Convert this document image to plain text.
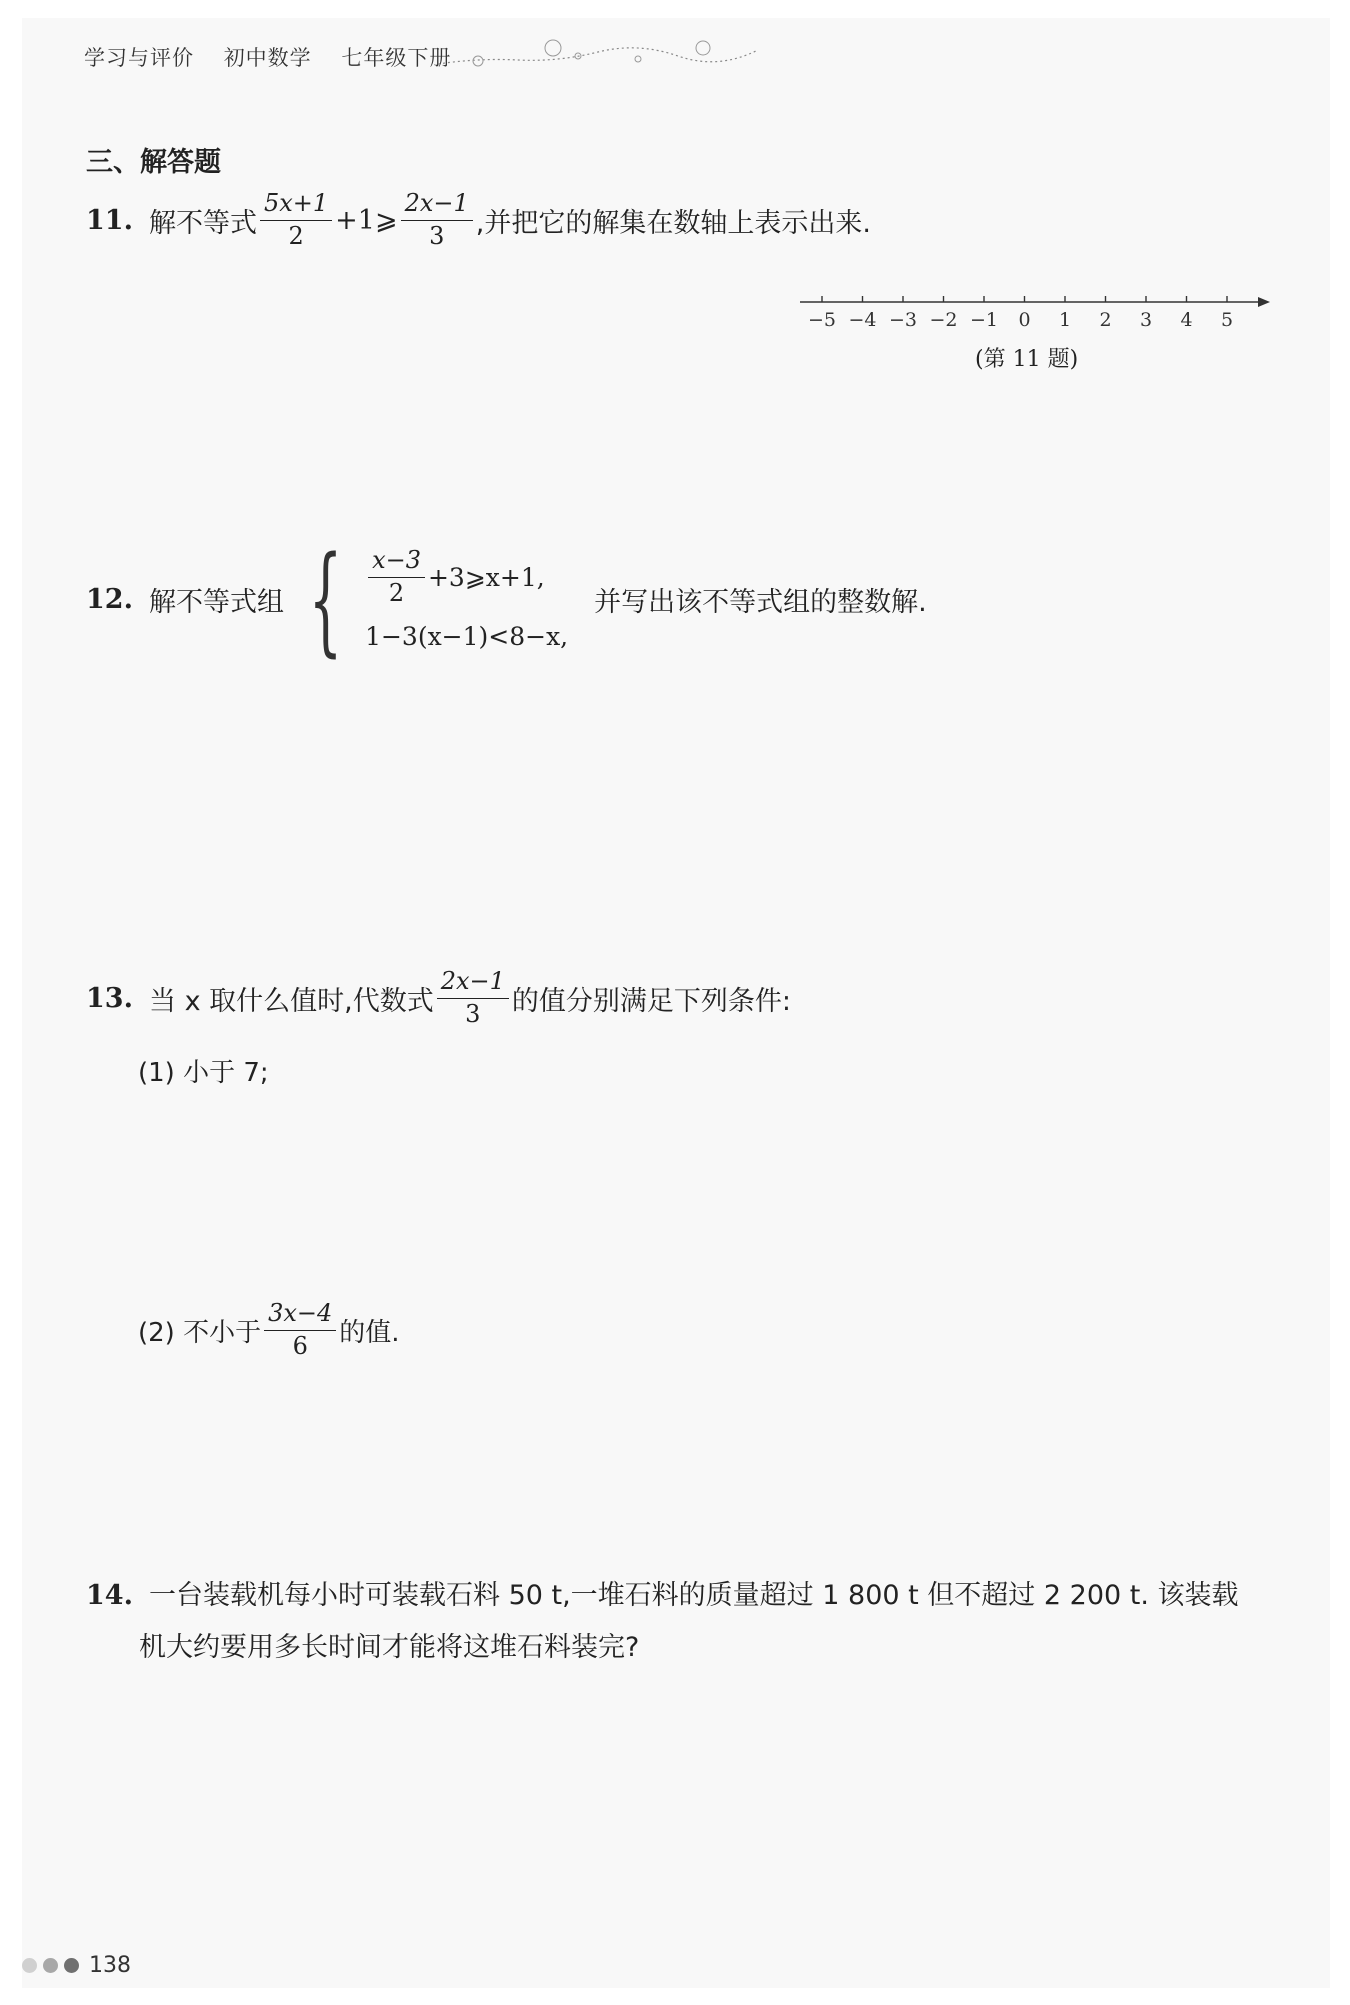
学习与评价 初中数学 七年级下册
三、解答题
11. 解不等式 $\frac{5x+1}{2}$ +1⩾ $\frac{2x-1}{3}$ ,并把它的解集在数轴上表示出来.
−5 −4 −3 −2 −1 0 1 2 3 4 5
(第 11 题)
12. 解不等式组 { $\frac{x-3}{2}$ +3⩾x+1,
1−3(x−1)<8−x,
并写出该不等式组的整数解.
13. 当 x 取什么值时,代数式 $\frac{2x-1}{3}$ 的值分别满足下列条件:
(1) 小于 7;
(2) 不小于 $\frac{3x-4}{6}$ 的值.
14. 一台装载机每小时可装载石料 50 t,一堆石料的质量超过 1 800 t 但不超过 2 200 t. 该装载
机大约要用多长时间才能将这堆石料装完?
138
